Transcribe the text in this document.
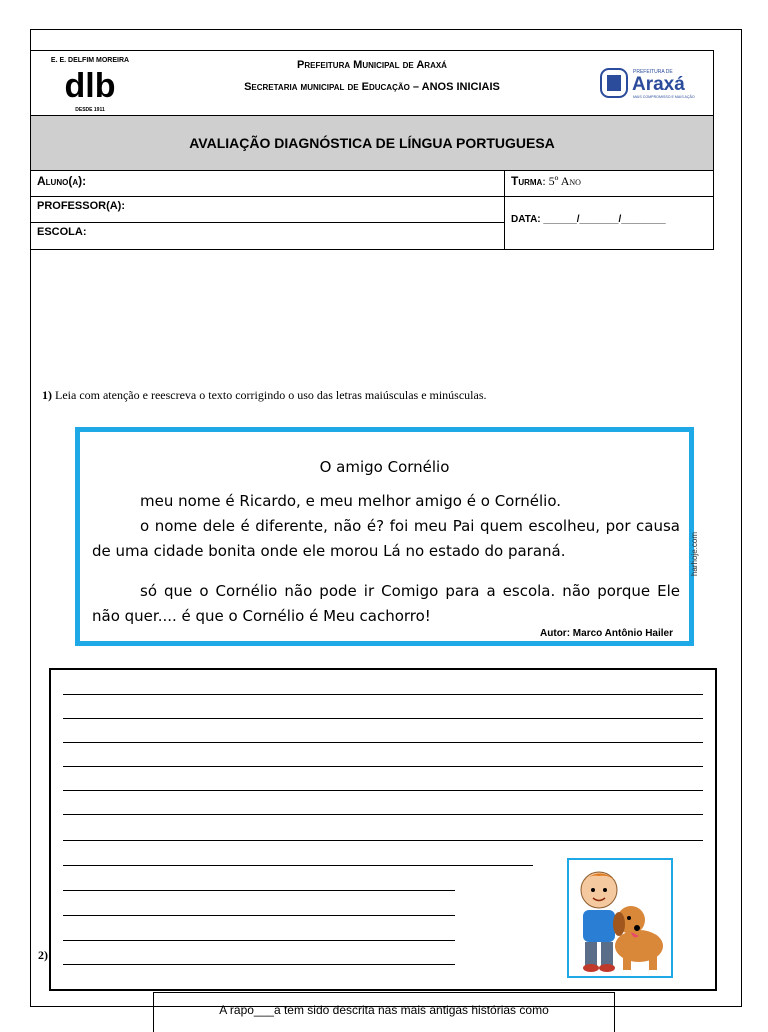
E. E. DELFIM MOREIRA
dlb
DESDE 1911
Prefeitura Municipal de Araxá
Secretaria municipal de Educação – ANOS INICIAIS
PREFEITURA DE
Araxá
MAIS COMPROMISSO E MAIS AÇÃO
AVALIAÇÃO DIAGNÓSTICA DE LÍNGUA PORTUGUESA
Aluno(a):	Turma: 5º Ano
PROFESSOR(A):
DATA: ______/_______/________
ESCOLA:
1) Leia com atenção e reescreva o texto corrigindo o uso das letras maiúsculas e minúsculas.
O amigo Cornélio
meu nome é Ricardo, e meu melhor amigo é o Cornélio.
o nome dele é diferente, não é? foi meu Pai quem escolheu, por causa de uma cidade bonita onde ele morou Lá no estado do paraná.
só que o Cornélio não pode ir Comigo para a escola. não porque Ele não quer.... é que o Cornélio é Meu cachorro!
Autor: Marco Antônio Hailer
harhoje.com
2)
A rapo___a tem sido descrita nas mais antigas histórias como
